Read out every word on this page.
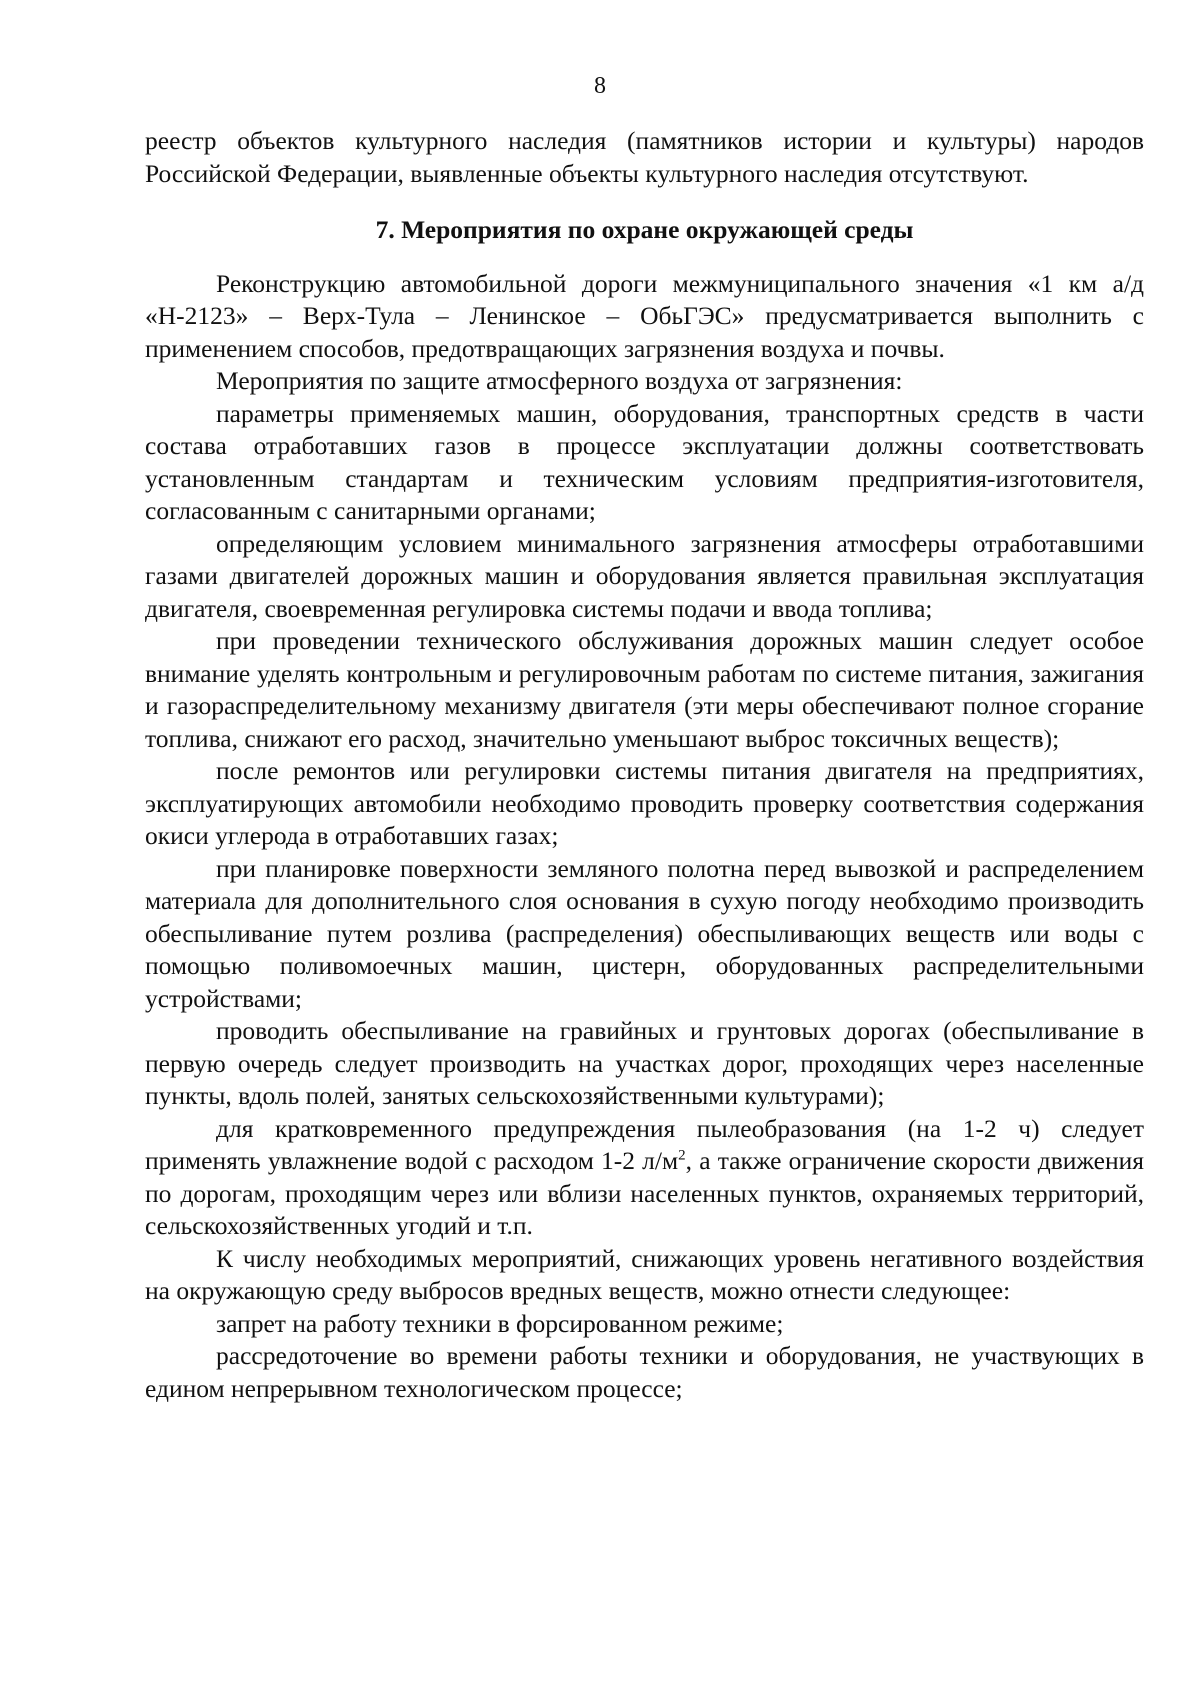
8

реестр объектов культурного наследия (памятников истории и культуры) народов Российской Федерации, выявленные объекты культурного наследия отсутствуют.

7. Мероприятия по охране окружающей среды

Реконструкцию автомобильной дороги межмуниципального значения «1 км а/д «Н-2123» – Верх-Тула – Ленинское – ОбьГЭС» предусматривается выполнить с применением способов, предотвращающих загрязнения воздуха и почвы.

Мероприятия по защите атмосферного воздуха от загрязнения:

параметры применяемых машин, оборудования, транспортных средств в части состава отработавших газов в процессе эксплуатации должны соответствовать установленным стандартам и техническим условиям предприятия-изготовителя, согласованным с санитарными органами;

определяющим условием минимального загрязнения атмосферы отработавшими газами двигателей дорожных машин и оборудования является правильная эксплуатация двигателя, своевременная регулировка системы подачи и ввода топлива;

при проведении технического обслуживания дорожных машин следует особое внимание уделять контрольным и регулировочным работам по системе питания, зажигания и газораспределительному механизму двигателя (эти меры обеспечивают полное сгорание топлива, снижают его расход, значительно уменьшают выброс токсичных веществ);

после ремонтов или регулировки системы питания двигателя на предприятиях, эксплуатирующих автомобили необходимо проводить проверку соответствия содержания окиси углерода в отработавших газах;

при планировке поверхности земляного полотна перед вывозкой и распределением материала для дополнительного слоя основания в сухую погоду необходимо производить обеспыливание путем розлива (распределения) обеспыливающих веществ или воды с помощью поливомоечных машин, цистерн, оборудованных распределительными устройствами;

проводить обеспыливание на гравийных и грунтовых дорогах (обеспыливание в первую очередь следует производить на участках дорог, проходящих через населенные пункты, вдоль полей, занятых сельскохозяйственными культурами);

для кратковременного предупреждения пылеобразования (на 1-2 ч) следует применять увлажнение водой с расходом 1-2 $л/м^2$, а также ограничение скорости движения по дорогам, проходящим через или вблизи населенных пунктов, охраняемых территорий, сельскохозяйственных угодий и т.п.

К числу необходимых мероприятий, снижающих уровень негативного воздействия на окружающую среду выбросов вредных веществ, можно отнести следующее:

запрет на работу техники в форсированном режиме;

рассредоточение во времени работы техники и оборудования, не участвующих в едином непрерывном технологическом процессе;
